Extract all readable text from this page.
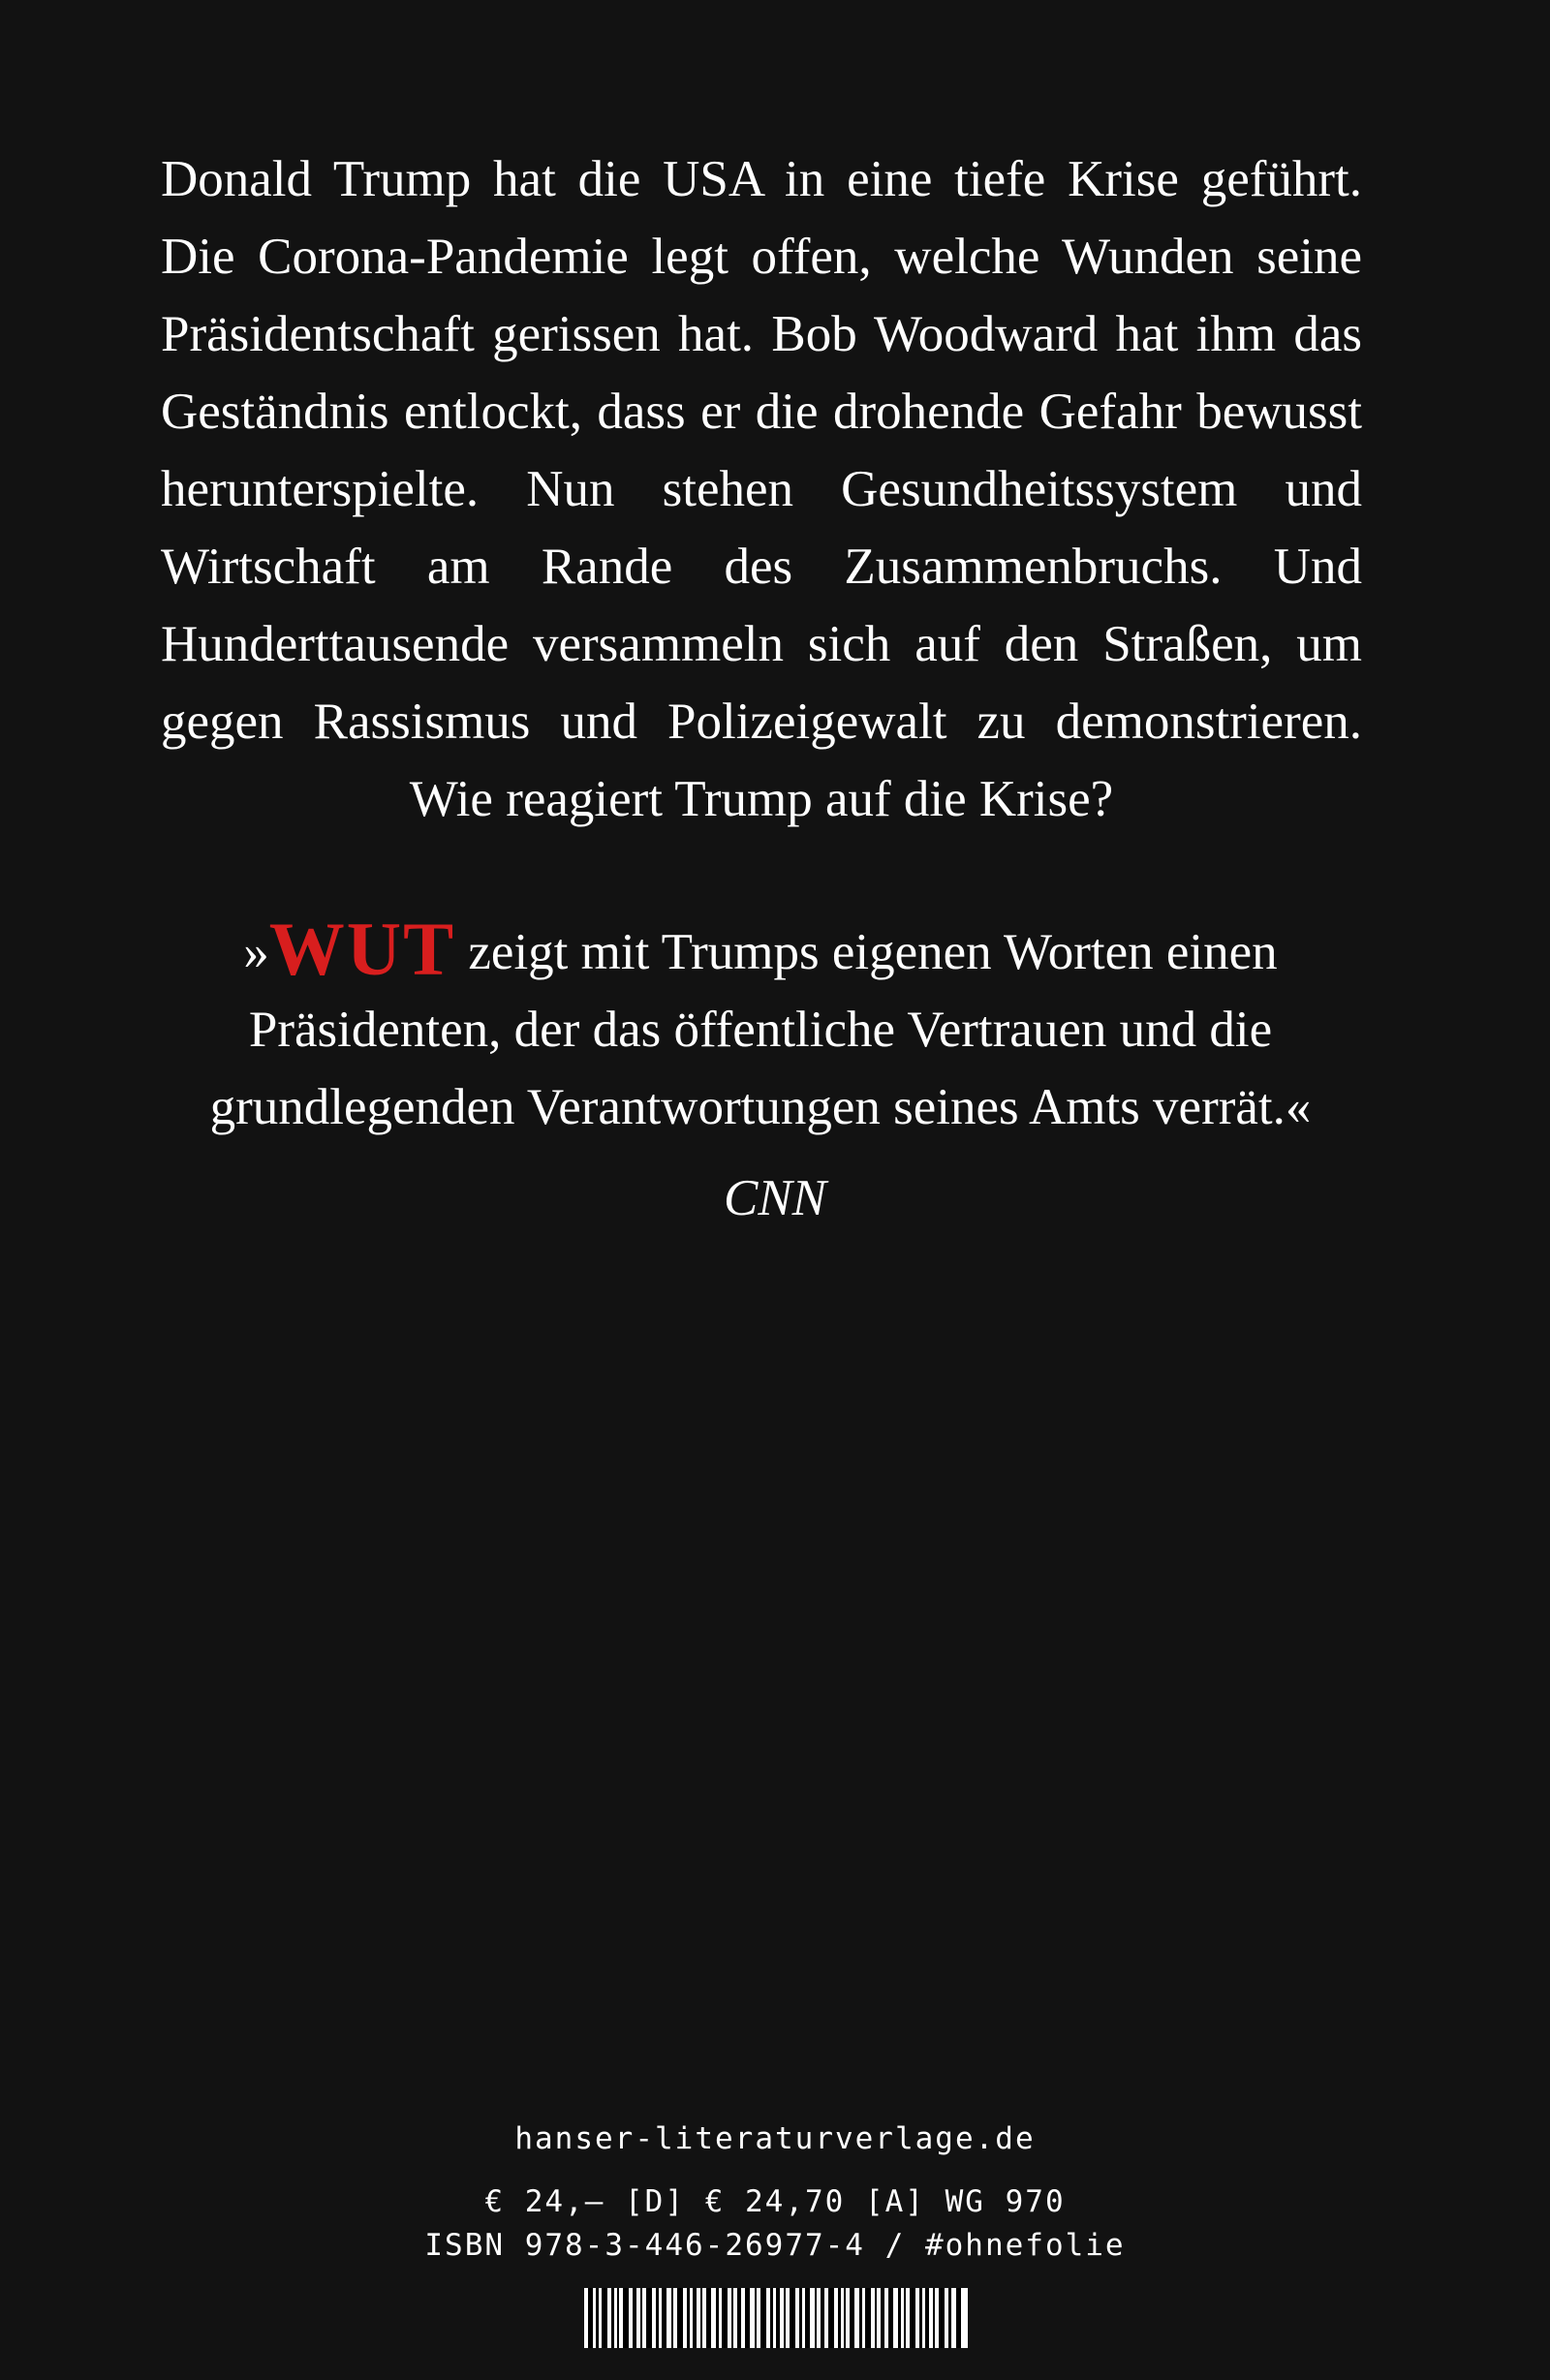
Donald Trump hat die USA in eine tiefe Krise geführt. Die Corona-Pandemie legt offen, welche Wunden seine Präsidentschaft gerissen hat. Bob Woodward hat ihm das Geständnis entlockt, dass er die drohende Gefahr bewusst herunterspielte. Nun stehen Gesundheitssystem und Wirtschaft am Rande des Zusammenbruchs. Und Hunderttausende versammeln sich auf den Straßen, um gegen Rassismus und Polizeigewalt zu demonstrieren. Wie reagiert Trump auf die Krise?
»WUT zeigt mit Trumps eigenen Worten einen Präsidenten, der das öffentliche Vertrauen und die grundlegenden Verantwortungen seines Amts verrät.«
CNN
hanser-literaturverlage.de
€ 24,– [D] € 24,70 [A] WG 970
ISBN 978-3-446-26977-4 / #ohnefolie
